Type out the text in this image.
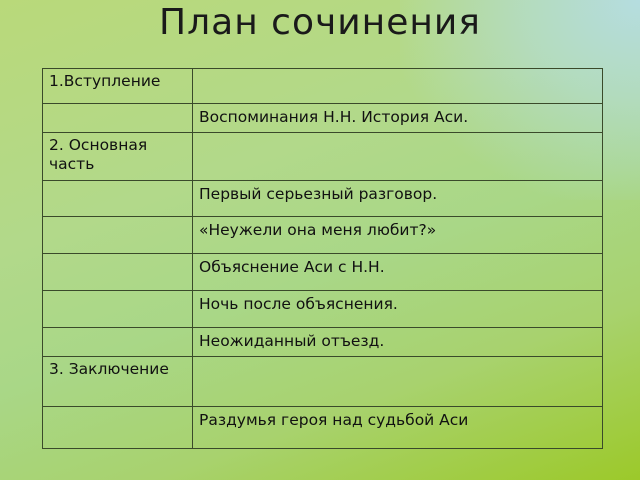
План сочинения
1.Вступление	

	Воспоминания Н.Н. История Аси.

2. Основная часть	

	Первый серьезный разговор.

	«Неужели она меня любит?»

	Объяснение Аси с Н.Н.

	Ночь после объяснения.

	Неожиданный отъезд.

3. Заключение	

	Раздумья героя над судьбой Аси
